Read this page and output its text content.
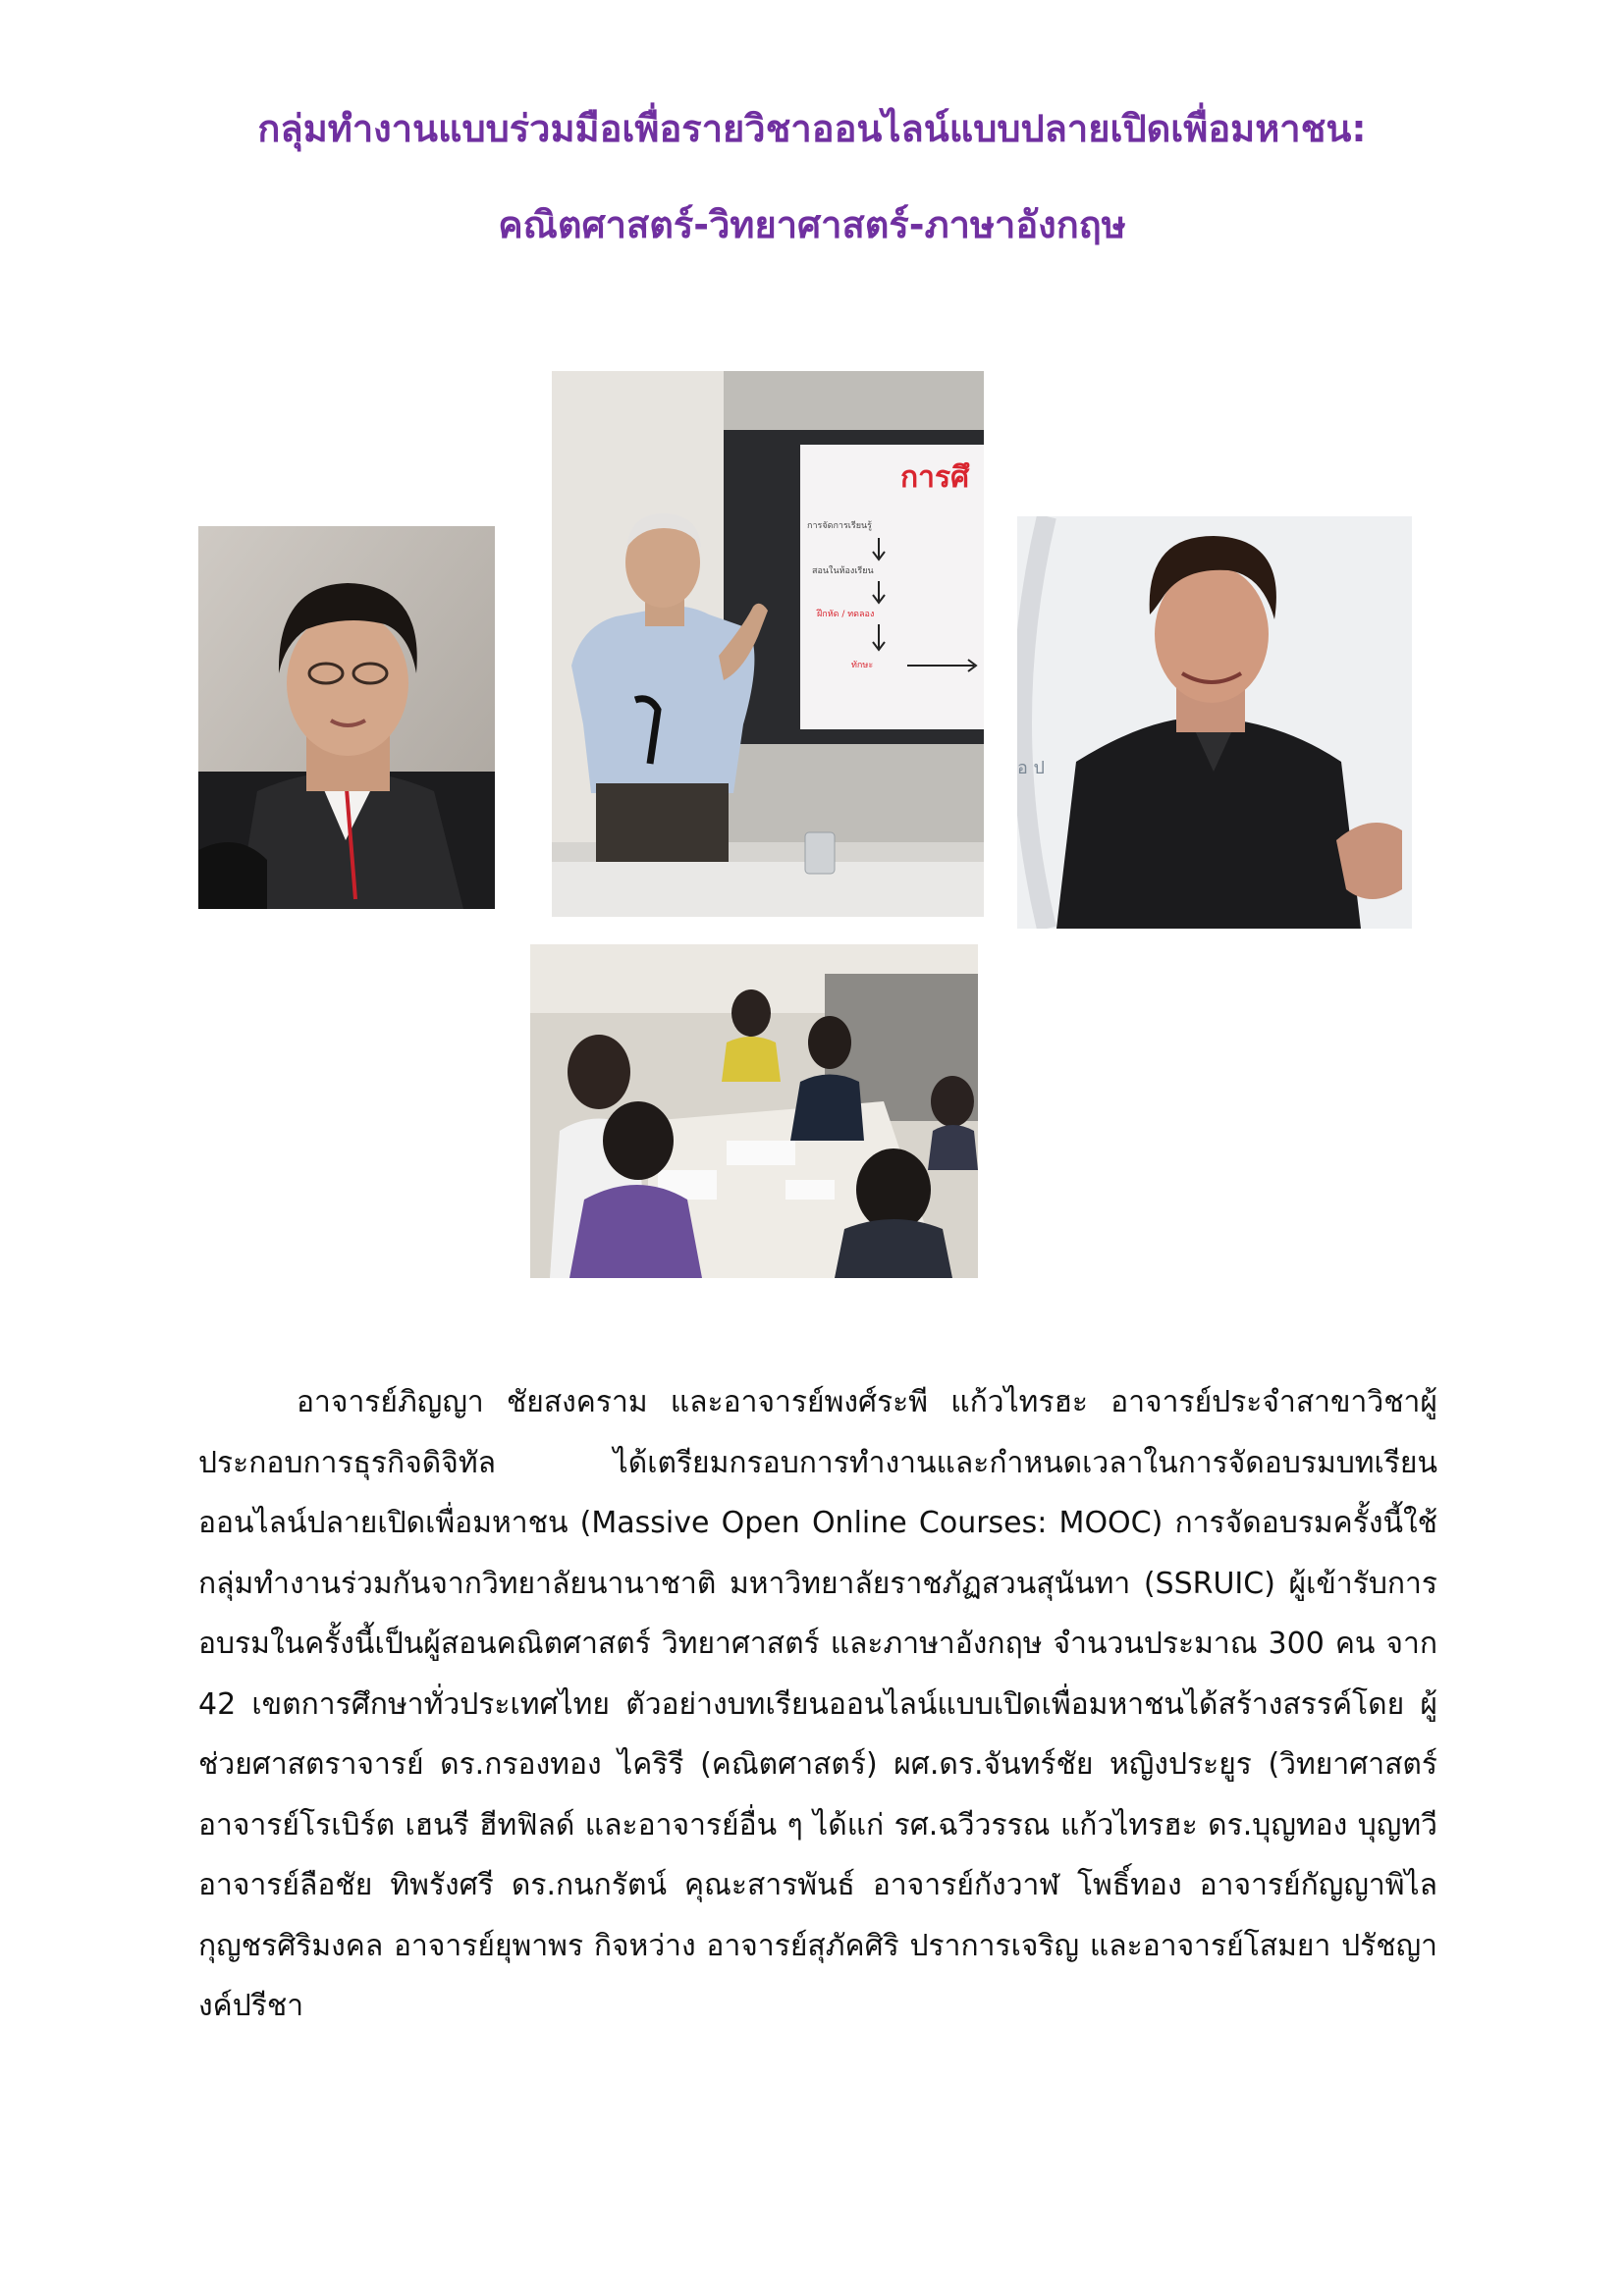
กลุ่มทำงานแบบร่วมมือเพื่อรายวิชาออนไลน์แบบปลายเปิดเพื่อมหาชน:
คณิตศาสตร์-วิทยาศาสตร์-ภาษาอังกฤษ
การศึ
การจัดการเรียนรู้
สอนในห้องเรียน
ฝึกหัด / ทดลอง
ทักษะ
อ ป

อาจารย์ภิญญา ชัยสงคราม และอาจารย์พงศ์ระพี แก้วไทรฮะ อาจารย์ประจำสาขาวิชาผู้ประกอบการธุรกิจดิจิทัล ได้เตรียมกรอบการทำงานและกำหนดเวลาในการจัดอบรมบทเรียนออนไลน์ปลายเปิดเพื่อมหาชน (Massive Open Online Courses: MOOC) การจัดอบรมครั้งนี้ใช้กลุ่มทำงานร่วมกันจากวิทยาลัยนานาชาติ มหาวิทยาลัยราชภัฏสวนสุนันทา (SSRUIC) ผู้เข้ารับการอบรมในครั้งนี้เป็นผู้สอนคณิตศาสตร์ วิทยาศาสตร์ และภาษาอังกฤษ จำนวนประมาณ 300 คน จาก 42 เขตการศึกษาทั่วประเทศไทย ตัวอย่างบทเรียนออนไลน์แบบเปิดเพื่อมหาชนได้สร้างสรรค์โดย ผู้ช่วยศาสตราจารย์ ดร.กรองทอง ไคริรี (คณิตศาสตร์) ผศ.ดร.จันทร์ชัย หญิงประยูร (วิทยาศาสตร์ อาจารย์โรเบิร์ต เฮนรี ฮีทฟิลด์ และอาจารย์อื่น ๆ ได้แก่ รศ.ฉวีวรรณ แก้วไทรฮะ ดร.บุญทอง บุญทวี อาจารย์ลือชัย ทิพรังศรี ดร.กนกรัตน์ คุณะสารพันธ์ อาจารย์กังวาฬ โพธิ์ทอง อาจารย์กัญญาพิไล กุญชรศิริมงคล อาจารย์ยุพาพร กิจหว่าง อาจารย์สุภัคศิริ ปราการเจริญ และอาจารย์โสมยา ปรัชญางค์ปรีชา
